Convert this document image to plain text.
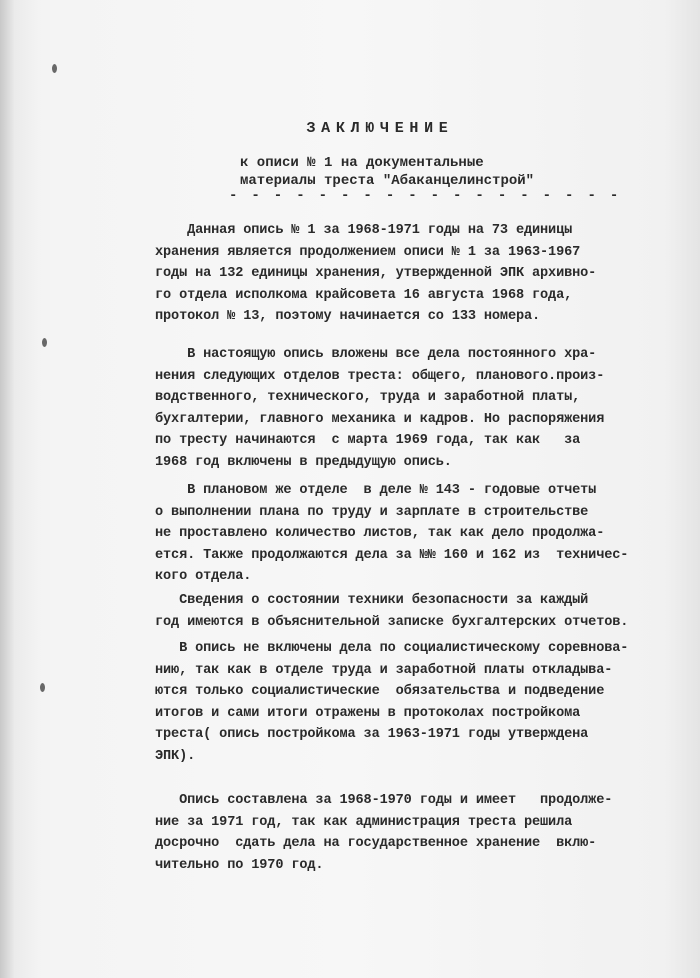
ЗАКЛЮЧЕНИЕ
к описи № 1 на документальные
материалы треста "Абаканцелинстрой"
- - - - - - - - - - - - - - - - - -
Данная опись № 1 за 1968-1971 годы на 73 единицы
хранения является продолжением описи № 1 за 1963-1967
годы на 132 единицы хранения, утвержденной ЭПК архивно-
го отдела исполкома крайсовета 16 августа 1968 года,
протокол № 13, поэтому начинается со 133 номера.
В настоящую опись вложены все дела постоянного хра-
нения следующих отделов треста: общего, планового.произ-
водственного, технического, труда и заработной платы,
бухгалтерии, главного механика и кадров. Но распоряжения
по тресту начинаются  с марта 1969 года, так как   за
1968 год включены в предыдущую опись.
В плановом же отделе  в деле № 143 - годовые отчеты
о выполнении плана по труду и зарплате в строительстве
не проставлено количество листов, так как дело продолжа-
ется. Также продолжаются дела за №№ 160 и 162 из  техничес-
кого отдела.
Сведения о состоянии техники безопасности за каждый
год имеются в объяснительной записке бухгалтерских отчетов.
В опись не включены дела по социалистическому соревнова-
нию, так как в отделе труда и заработной платы откладыва-
ются только социалистические  обязательства и подведение
итогов и сами итоги отражены в протоколах постройкома
треста( опись постройкома за 1963-1971 годы утверждена
ЭПК).
Опись составлена за 1968-1970 годы и имеет   продолже-
ние за 1971 год, так как администрация треста решила
досрочно  сдать дела на государственное хранение  вклю-
чительно по 1970 год.
